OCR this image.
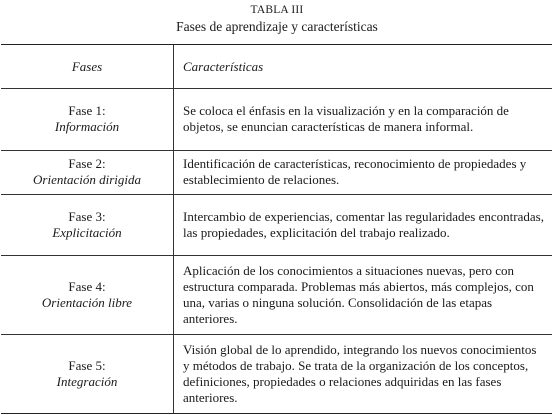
TABLA III
Fases de aprendizaje y características
Fases	Características

Fase 1:
Información	Se coloca el énfasis en la visualización y en la comparación de objetos, se enuncian características de manera informal.

Fase 2:
Orientación dirigida	Identificación de características, reconocimiento de propiedades y establecimiento de relaciones.

Fase 3:
Explicitación	Intercambio de experiencias, comentar las regularidades encontradas, las propiedades, explicitación del trabajo realizado.

Fase 4:
Orientación libre	Aplicación de los conocimientos a situaciones nuevas, pero con estructura comparada. Problemas más abiertos, más complejos, con una, varias o ninguna solución. Consolidación de las etapas anteriores.

Fase 5:
Integración	Visión global de lo aprendido, integrando los nuevos conocimientos y métodos de trabajo. Se trata de la organización de los conceptos, definiciones, propiedades o relaciones adquiridas en las fases anteriores.
